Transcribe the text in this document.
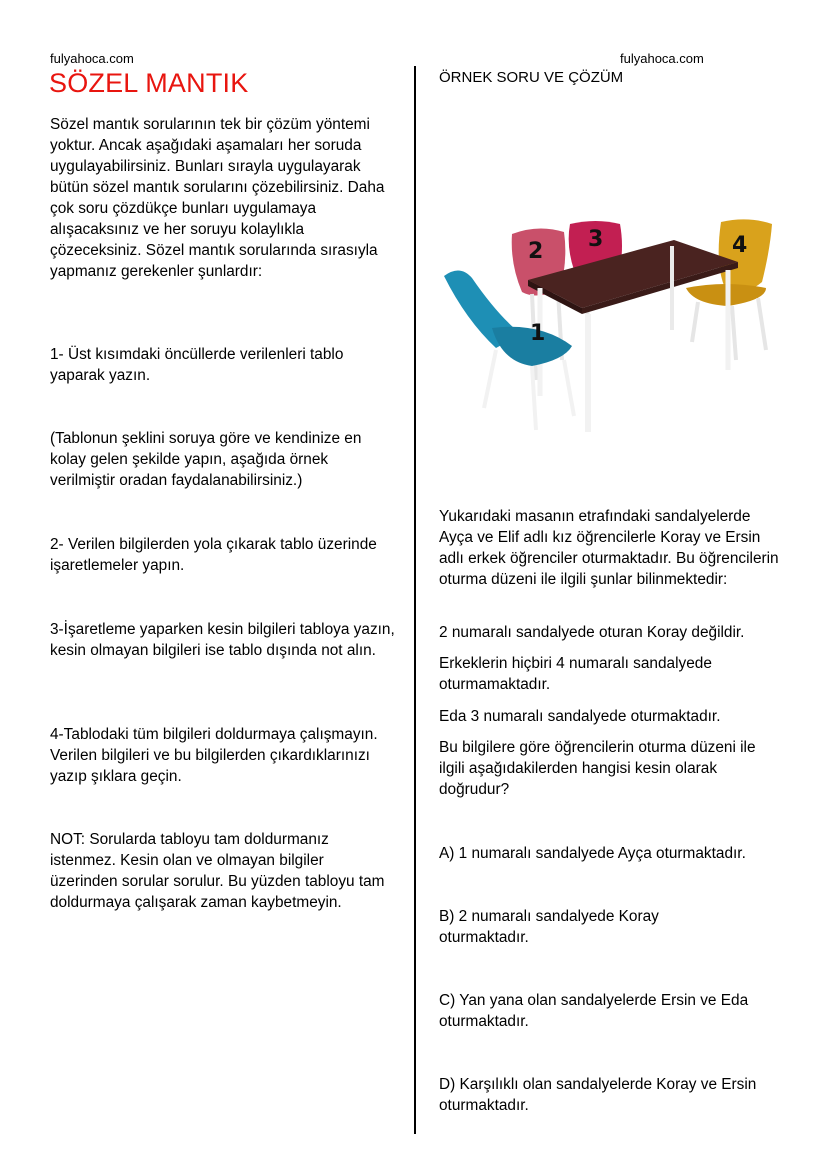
fulyahoca.com	fulyahoca.com
SÖZEL MANTIK
Sözel mantık sorularının tek bir çözüm yöntemi yoktur. Ancak aşağıdaki aşamaları her soruda uygulayabilirsiniz. Bunları sırayla uygulayarak bütün sözel mantık sorularını çözebilirsiniz. Daha çok soru çözdükçe bunları uygulamaya alışacaksınız ve her soruyu kolaylıkla çözeceksiniz. Sözel mantık sorularında sırasıyla yapmanız gerekenler şunlardır:
1- Üst kısımdaki öncüllerde verilenleri tablo yaparak yazın.
(Tablonun şeklini soruya göre ve kendinize en kolay gelen şekilde yapın, aşağıda örnek verilmiştir oradan faydalanabilirsiniz.)
2- Verilen bilgilerden yola çıkarak tablo üzerinde işaretlemeler yapın.
3-İşaretleme yaparken kesin bilgileri tabloya yazın, kesin olmayan bilgileri ise tablo dışında not alın.
4-Tablodaki tüm bilgileri doldurmaya çalışmayın. Verilen bilgileri ve bu bilgilerden çıkardıklarınızı yazıp şıklara geçin.
NOT: Sorularda tabloyu tam doldurmanız istenmez. Kesin olan ve olmayan bilgiler üzerinden sorular sorulur. Bu yüzden tabloyu tam doldurmaya çalışarak zaman kaybetmeyin.
ÖRNEK SORU VE ÇÖZÜM
1
2 3	4
Yukarıdaki masanın etrafındaki sandalyelerde Ayça ve Elif adlı kız öğrencilerle Koray ve Ersin adlı erkek öğrenciler oturmaktadır. Bu öğrencilerin oturma düzeni ile ilgili şunlar bilinmektedir:
2 numaralı sandalyede oturan Koray değildir.
Erkeklerin hiçbiri 4 numaralı sandalyede oturmamaktadır.
Eda 3 numaralı sandalyede oturmaktadır.
Bu bilgilere göre öğrencilerin oturma düzeni ile ilgili aşağıdakilerden hangisi kesin olarak doğrudur?
A) 1 numaralı sandalyede Ayça oturmaktadır.
B) 2 numaralı sandalyede Koray oturmaktadır.
C) Yan yana olan sandalyelerde Ersin ve Eda oturmaktadır.
D) Karşılıklı olan sandalyelerde Koray ve Ersin oturmaktadır.
